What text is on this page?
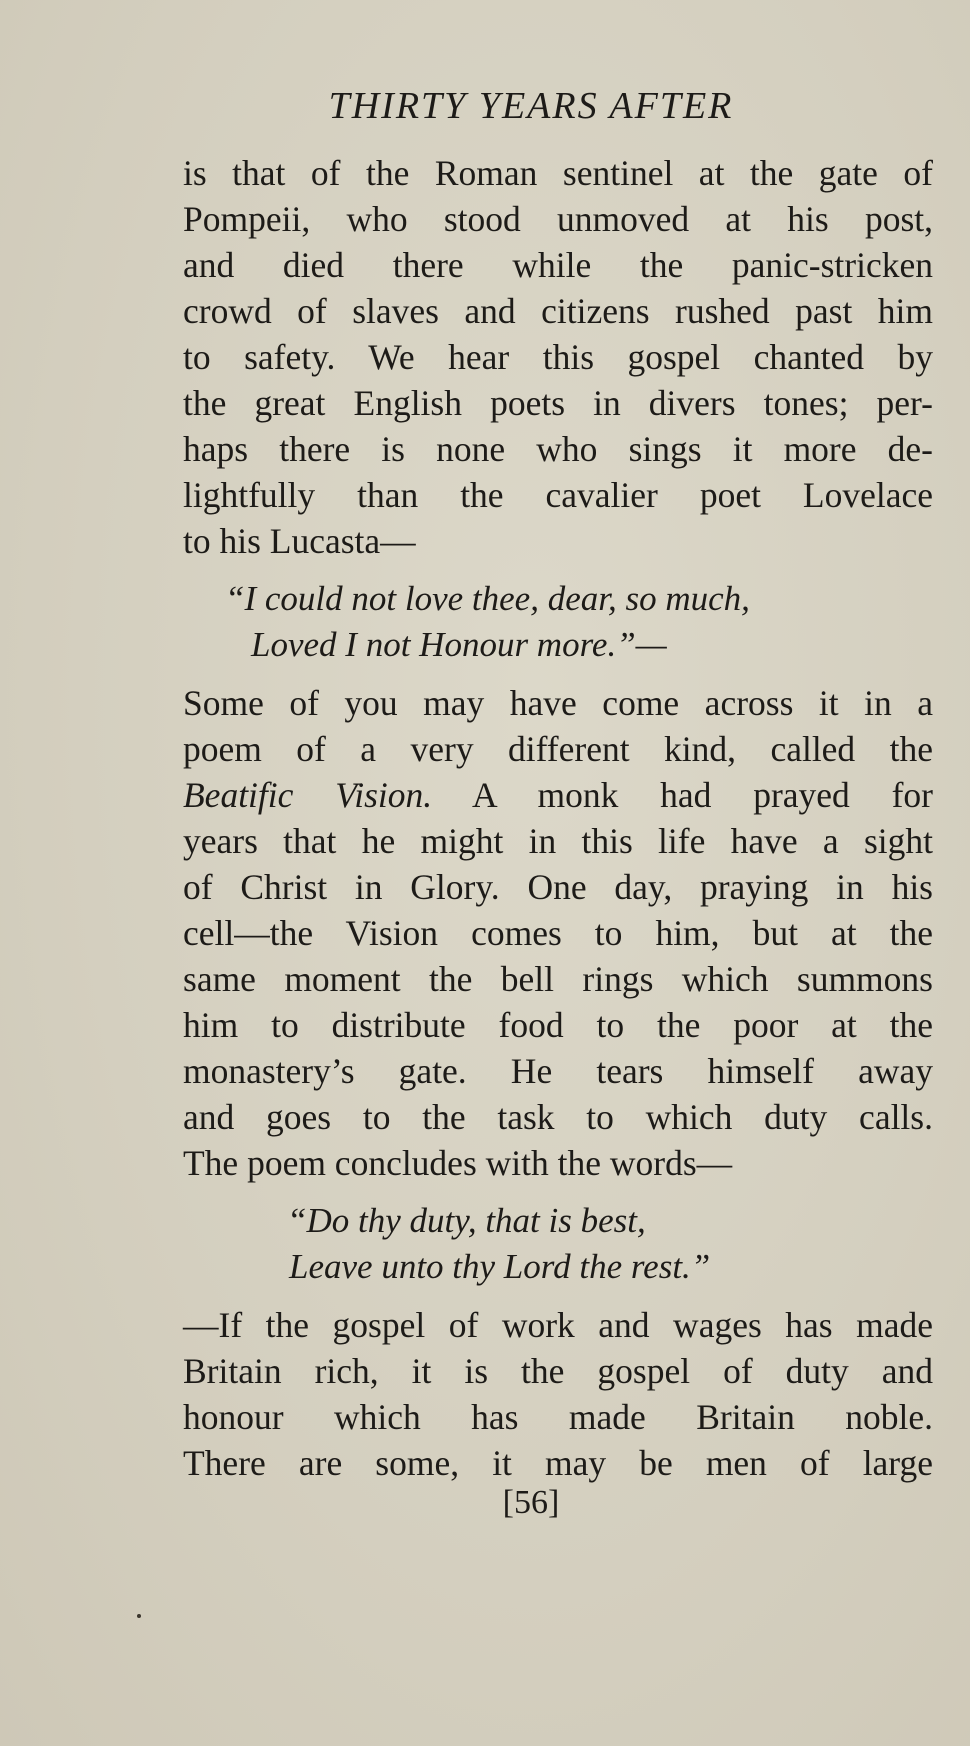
THIRTY YEARS AFTER
is that of the Roman sentinel at the gate of
Pompeii, who stood unmoved at his post,
and died there while the panic-stricken
crowd of slaves and citizens rushed past him
to safety. We hear this gospel chanted by
the great English poets in divers tones; per-
haps there is none who sings it more de-
lightfully than the cavalier poet Lovelace
to his Lucasta—
“I could not love thee, dear, so much,
Loved I not Honour more.”—
Some of you may have come across it in a
poem of a very different kind, called the
Beatific Vision. A monk had prayed for
years that he might in this life have a sight
of Christ in Glory. One day, praying in his
cell—the Vision comes to him, but at the
same moment the bell rings which summons
him to distribute food to the poor at the
monastery’s gate. He tears himself away
and goes to the task to which duty calls.
The poem concludes with the words—
“Do thy duty, that is best,
Leave unto thy Lord the rest.”
—If the gospel of work and wages has made
Britain rich, it is the gospel of duty and
honour which has made Britain noble.
There are some, it may be men of large
[56]
